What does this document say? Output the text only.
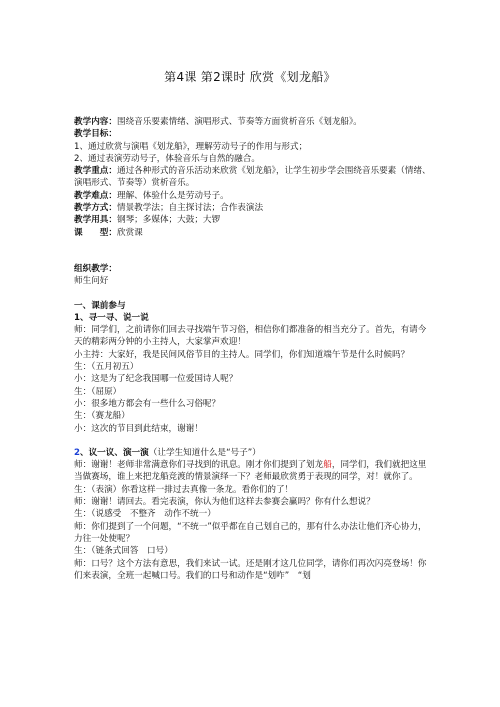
第4课 第2课时 欣赏《划龙船》

教学内容：围绕音乐要素情绪、演唱形式、节奏等方面赏析音乐《划龙船》。

教学目标：

1、通过欣赏与演唱《划龙船》，理解劳动号子的作用与形式；

2、通过表演劳动号子，体验音乐与自然的融合。

教学重点：通过各种形式的音乐活动来欣赏《划龙船》，让学生初步学会围绕音乐要素（情绪、演唱形式、节奏等）赏析音乐。

教学难点：理解、体验什么是劳动号子。

教学方式：情景教学法；自主探讨法；合作表演法

教学用具：钢琴；多媒体；大鼓；大锣

课　　型：欣赏课

组织教学：

师生问好

一、课前参与

1、寻一寻、说一说

师：同学们，之前请你们回去寻找端午节习俗，相信你们都准备的相当充分了。首先，有请今天的精彩两分钟的小主持人，大家掌声欢迎！

小主持：大家好，我是民间风俗节目的主持人。同学们，你们知道端午节是什么时候吗？

生：（五月初五）

小：这是为了纪念我国哪一位爱国诗人呢？

生：（屈原）

小：很多地方都会有一些什么习俗呢？

生：（赛龙船）

小：这次的节目到此结束，谢谢！

2、议一议、演一演（让学生知道什么是“号子”）

师：谢谢！老师非常满意你们寻找到的讯息。刚才你们提到了划龙船，同学们，我们就把这里当做赛场，谁上来把龙船竞渡的情景演绎一下？老师最欣赏勇于表现的同学，对！就你了。

生：（表演）你看这样一排过去真像一条龙。看你们的了！

师：谢谢！请回去。看完表演，你认为他们这样去参赛会赢吗？你有什么想说？

生：（说感受　不整齐　动作不统一）

师：你们提到了一个问题，“不统一”似乎都在自己划自己的，那有什么办法让他们齐心协力，力往一处使呢？

生：（链条式回答　口号）

师：口号？这个方法有意思，我们来试一试。还是刚才这几位同学，请你们再次闪亮登场！你们来表演，全班一起喊口号。我们的口号和动作是“划咋”　“划
